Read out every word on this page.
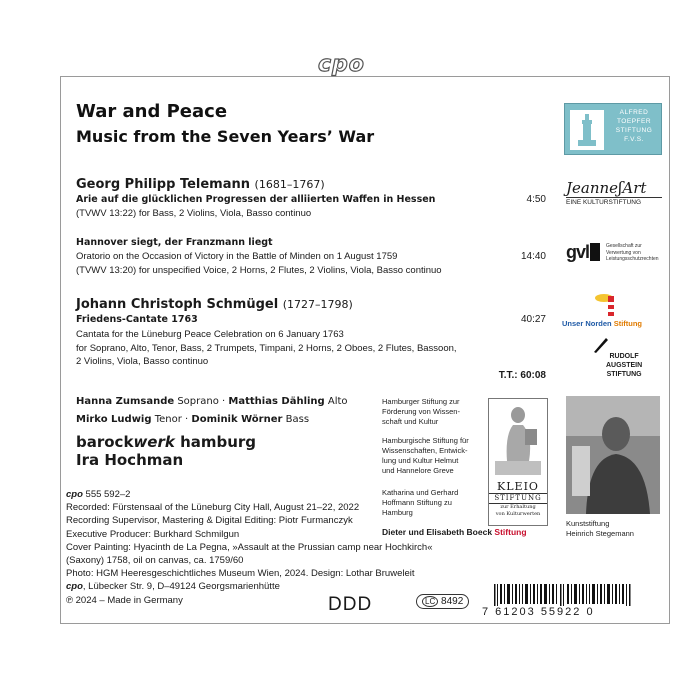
cpo
War and Peace
Music from the Seven Years’ War
Georg Philipp Telemann (1681–1767)
Arie auf die glücklichen Progressen der alliierten Waffen in Hessen
(TVWV 13:22) for Bass, 2 Violins, Viola, Basso continuo
4:50
Hannover siegt, der Franzmann liegt
Oratorio on the Occasion of Victory in the Battle of Minden on 1 August 1759
(TVWV 13:20) for unspecified Voice, 2 Horns, 2 Flutes, 2 Violins, Viola, Basso continuo
14:40
Johann Christoph Schmügel (1727–1798)
Friedens-Cantate 1763
Cantata for the Lüneburg Peace Celebration on 6 January 1763
for Soprano, Alto, Tenor, Bass, 2 Trumpets, Timpani, 2 Horns, 2 Oboes, 2 Flutes, Bassoon,
2 Violins, Viola, Basso continuo
40:27
T.T.: 60:08
Hanna Zumsande Soprano · Matthias Dähling Alto
Mirko Ludwig Tenor · Dominik Wörner Bass
barockwerk hamburg
Ira Hochman
cpo 555 592–2
Recorded: Fürstensaal of the Lüneburg City Hall, August 21–22, 2022
Recording Supervisor, Mastering & Digital Editing: Piotr Furmanczyk
Executive Producer: Burkhard Schmilgun
Cover Painting: Hyacinth de La Pegna, »Assault at the Prussian camp near Hochkirch«
(Saxony) 1758, oil on canvas, ca. 1759/60
Photo: HGM Heeresgeschichtliches Museum Wien, 2024. Design: Lothar Bruweleit
cpo, Lübecker Str. 9, D–49124 Georgsmarienhütte
℗ 2024 – Made in Germany	DDD	LC 8492
7 61203 55922 0
ALFRED
TOEPFER
STIFTUNG
F.V.S.
JeanneʃArt
EINE KULTURSTIFTUNG
gvl	Gesellschaft zur
Verwertung von
Leistungsschutzrechten
Unser Norden Stiftung
RUDOLF
AUGSTEIN
STIFTUNG
Hamburger Stiftung zur
Förderung von Wissen-
schaft und Kultur
Hamburgische Stiftung für
Wissenschaften, Entwick-
lung und Kultur Helmut
und Hannelore Greve
Katharina und Gerhard
Hoffmann Stiftung zu
Hamburg
KLEIO
STIFTUNG
zur Erhaltung
von Kulturwerten
Dieter und Elisabeth Boeck Stiftung
Kunststiftung
Heinrich Stegemann
